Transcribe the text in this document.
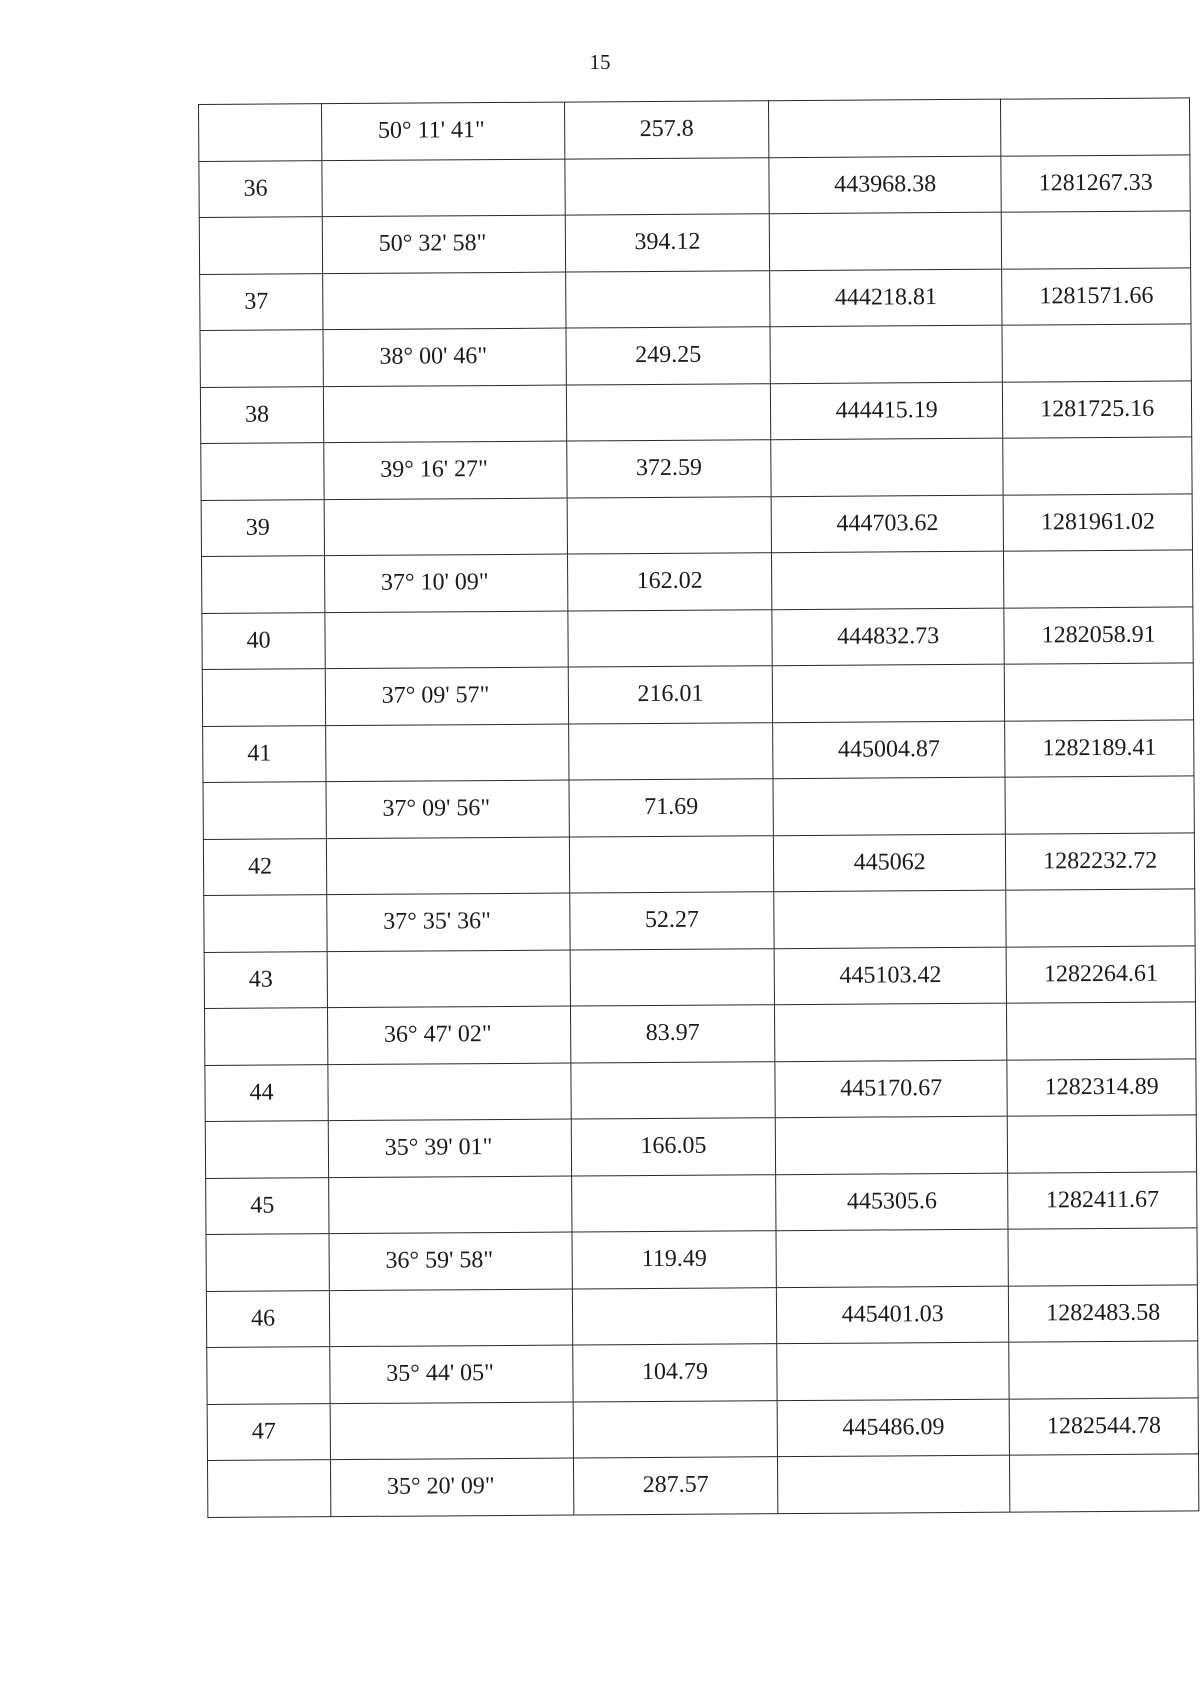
15
	50° 11' 41"	257.8		
36			443968.38	1281267.33
	50° 32' 58"	394.12		
37			444218.81	1281571.66
	38° 00' 46"	249.25		
38			444415.19	1281725.16
	39° 16' 27"	372.59		
39			444703.62	1281961.02
	37° 10' 09"	162.02		
40			444832.73	1282058.91
	37° 09' 57"	216.01		
41			445004.87	1282189.41
	37° 09' 56"	71.69		
42			445062	1282232.72
	37° 35' 36"	52.27		
43			445103.42	1282264.61
	36° 47' 02"	83.97		
44			445170.67	1282314.89
	35° 39' 01"	166.05		
45			445305.6	1282411.67
	36° 59' 58"	119.49		
46			445401.03	1282483.58
	35° 44' 05"	104.79		
47			445486.09	1282544.78
	35° 20' 09"	287.57		
